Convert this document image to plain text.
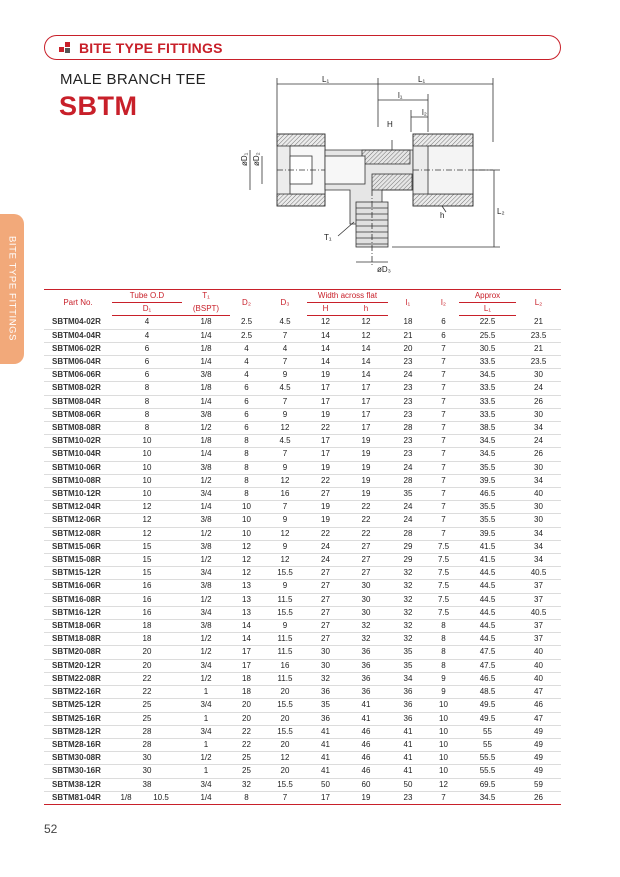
BITE TYPE FITTINGS
BITE TYPE FITTINGS
MALE BRANCH TEE
SBTM
L₁	L₁
l₁
l₂
H
h	L₂
T₁
øD₃
øD₁ øD₂
Part No.	Tube O.D		T₁	D₂	D₃	Width across flat		l₁	l₂	Approx	L₂
	D₁		(BSPT)			H	h			L₁	
SBTM04-02R	4		1/8	2.5	4.5	12	12	18	6	22.5	21
SBTM04-04R	4		1/4	2.5	7	14	12	21	6	25.5	23.5
SBTM06-02R	6		1/8	4	4	14	14	20	7	30.5	21
SBTM06-04R	6		1/4	4	7	14	14	23	7	33.5	23.5
SBTM06-06R	6		3/8	4	9	19	14	24	7	34.5	30
SBTM08-02R	8		1/8	6	4.5	17	17	23	7	33.5	24
SBTM08-04R	8		1/4	6	7	17	17	23	7	33.5	26
SBTM08-06R	8		3/8	6	9	19	17	23	7	33.5	30
SBTM08-08R	8		1/2	6	12	22	17	28	7	38.5	34
SBTM10-02R	10		1/8	8	4.5	17	19	23	7	34.5	24
SBTM10-04R	10		1/4	8	7	17	19	23	7	34.5	26
SBTM10-06R	10		3/8	8	9	19	19	24	7	35.5	30
SBTM10-08R	10		1/2	8	12	22	19	28	7	39.5	34
SBTM10-12R	10		3/4	8	16	27	19	35	7	46.5	40
SBTM12-04R	12		1/4	10	7	19	22	24	7	35.5	30
SBTM12-06R	12		3/8	10	9	19	22	24	7	35.5	30
SBTM12-08R	12		1/2	10	12	22	22	28	7	39.5	34
SBTM15-06R	15		3/8	12	9	24	27	29	7.5	41.5	34
SBTM15-08R	15		1/2	12	12	24	27	29	7.5	41.5	34
SBTM15-12R	15		3/4	12	15.5	27	27	32	7.5	44.5	40.5
SBTM16-06R	16		3/8	13	9	27	30	32	7.5	44.5	37
SBTM16-08R	16		1/2	13	11.5	27	30	32	7.5	44.5	37
SBTM16-12R	16		3/4	13	15.5	27	30	32	7.5	44.5	40.5
SBTM18-06R	18		3/8	14	9	27	32	32	8	44.5	37
SBTM18-08R	18		1/2	14	11.5	27	32	32	8	44.5	37
SBTM20-08R	20		1/2	17	11.5	30	36	35	8	47.5	40
SBTM20-12R	20		3/4	17	16	30	36	35	8	47.5	40
SBTM22-08R	22		1/2	18	11.5	32	36	34	9	46.5	40
SBTM22-16R	22		1	18	20	36	36	36	9	48.5	47
SBTM25-12R	25		3/4	20	15.5	35	41	36	10	49.5	46
SBTM25-16R	25		1	20	20	36	41	36	10	49.5	47
SBTM28-12R	28		3/4	22	15.5	41	46	41	10	55	49
SBTM28-16R	28		1	22	20	41	46	41	10	55	49
SBTM30-08R	30		1/2	25	12	41	46	41	10	55.5	49
SBTM30-16R	30		1	25	20	41	46	41	10	55.5	49
SBTM38-12R	38		3/4	32	15.5	50	60	50	12	69.5	59
SBTM81-04R	1/8	10.5	1/4	8	7	17	19	23	7	34.5	26
52
